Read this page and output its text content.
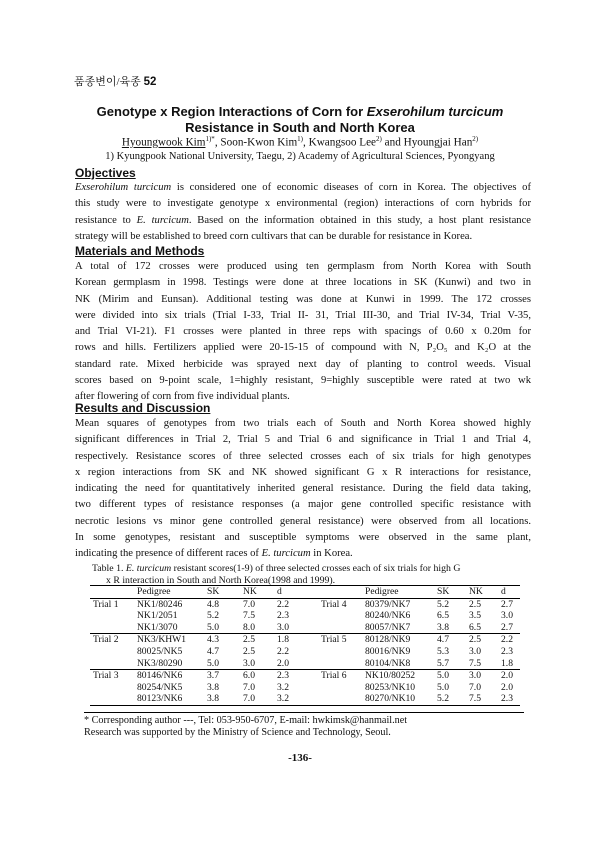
품종변이/육종 52
Genotype x Region Interactions of Corn for Exserohilum turcicum
Resistance in South and North Korea
Hyoungwook Kim$^{1)*}$, Soon-Kwon Kim$^{1)}$, Kwangsoo Lee$^{2)}$ and Hyoungjai Han$^{2)}$
1) Kyungpook National University, Taegu, 2) Academy of Agricultural Sciences, Pyongyang
Objectives
Exserohilum turcicum is considered one of economic diseases of corn in Korea. The objectives of
this study were to investigate genotype x environmental (region) interactions of corn hybrids for
resistance to E. turcicum. Based on the information obtained in this study, a host plant resistance
strategy will be established to breed corn cultivars that can be durable for resistance in Korea.
Materials and Methods
A total of 172 crosses were produced using ten germplasm from North Korea with South
Korean germplasm in 1998. Testings were done at three locations in SK (Kunwi) and two in
NK (Mirim and Eunsan). Additional testing was done at Kunwi in 1999. The 172 crosses
were divided into six trials (Trial I-33, Trial II- 31, Trial III-30, and Trial IV-34, Trial V-35,
and Trial VI-21). F1 crosses were planted in three reps with spacings of 0.60 x 0.20m for
rows and hills. Fertilizers applied were 20-15-15 of compound with N, P₂O₅ and K₂O at the
standard rate. Mixed herbicide was sprayed next day of planting to control weeds. Visual
scores based on 9-point scale, 1=highly resistant, 9=highly susceptible were rated at two wk
after flowering of corn from five individual plants.
Results and Discussion
Mean squares of genotypes from two trials each of South and North Korea showed highly
significant differences in Trial 2, Trial 5 and Trial 6 and significance in Trial 1 and Trial 4,
respectively. Resistance scores of three selected crosses each of six trials for high genotypes
x region interactions from SK and NK showed significant G x R interactions for resistance,
indicating the need for quantitatively inherited general resistance. During the field data taking,
two different types of resistance responses (a major gene controlled specific resistance with
necrotic lesions vs minor gene controlled general resistance) were observed from all locations.
In some genotypes, resistant and susceptible symptoms were observed in the same plant,
indicating the presence of different races of E. turcicum in Korea.
Table 1. E. turcicum resistant scores(1-9) of three selected crosses each of six trials for high G
x R interaction in South and North Korea(1998 and 1999).
	Pedigree	SK	NK	d		Pedigree	SK	NK	d
Trial 1	NK1/80246	4.8	7.0	2.2	Trial 4	80379/NK7	5.2	2.5	2.7
	NK1/2051	5.2	7.5	2.3		80240/NK6	6.5	3.5	3.0
	NK1/3070	5.0	8.0	3.0		80057/NK7	3.8	6.5	2.7
Trial 2	NK3/KHW1	4.3	2.5	1.8	Trial 5	80128/NK9	4.7	2.5	2.2
	80025/NK5	4.7	2.5	2.2		80016/NK9	5.3	3.0	2.3
	NK3/80290	5.0	3.0	2.0		80104/NK8	5.7	7.5	1.8
Trial 3	80146/NK6	3.7	6.0	2.3	Trial 6	NK10/80252	5.0	3.0	2.0
	80254/NK5	3.8	7.0	3.2		80253/NK10	5.0	7.0	2.0
	80123/NK6	3.8	7.0	3.2		80270/NK10	5.2	7.5	2.3
* Corresponding author ---, Tel: 053-950-6707, E-mail: hwkimsk@hanmail.net
Research was supported by the Ministry of Science and Technology, Seoul.
-136-
